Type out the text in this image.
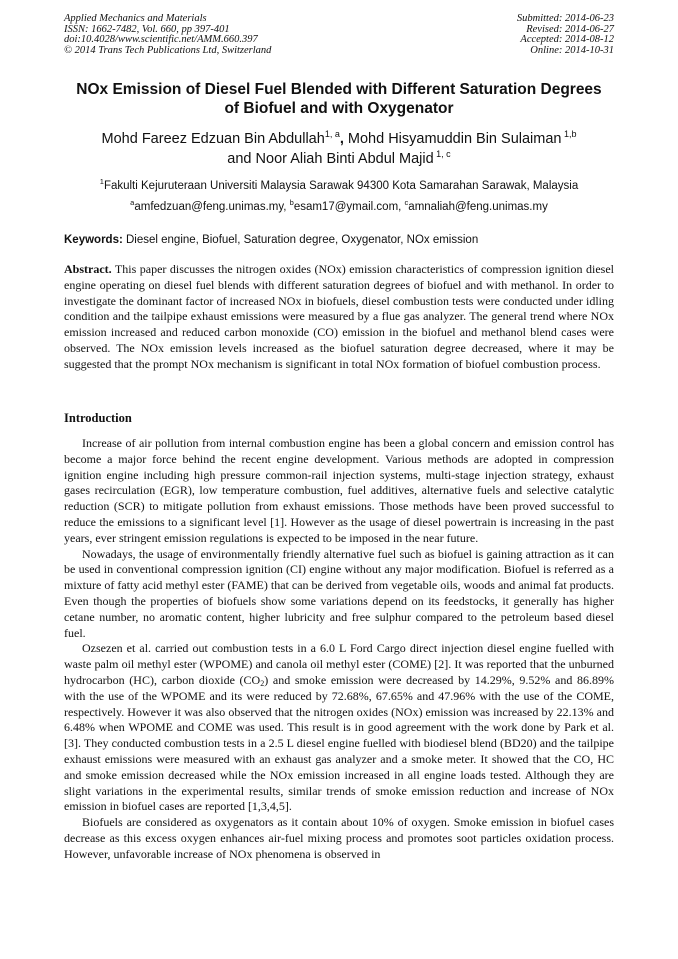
Applied Mechanics and Materials
ISSN: 1662-7482, Vol. 660, pp 397-401
doi:10.4028/www.scientific.net/AMM.660.397
© 2014 Trans Tech Publications Ltd, Switzerland
Submitted: 2014-06-23
Revised: 2014-06-27
Accepted: 2014-08-12
Online: 2014-10-31
NOx Emission of Diesel Fuel Blended with Different Saturation Degrees
of Biofuel and with Oxygenator
Mohd Fareez Edzuan Bin Abdullah$^{1, a}$, Mohd Hisyamuddin Bin Sulaiman $^{1,b}$
and Noor Aliah Binti Abdul Majid $^{1, c}$
$^1$Fakulti Kejuruteraan Universiti Malaysia Sarawak 94300 Kota Samarahan Sarawak, Malaysia
$^a$amfedzuan@feng.unimas.my, $^b$esam17@ymail.com, $^c$amnaliah@feng.unimas.my
Keywords: Diesel engine, Biofuel, Saturation degree, Oxygenator, NOx emission
Abstract. This paper discusses the nitrogen oxides (NOx) emission characteristics of compression ignition diesel engine operating on diesel fuel blends with different saturation degrees of biofuel and with methanol. In order to investigate the dominant factor of increased NOx in biofuels, diesel combustion tests were conducted under idling condition and the tailpipe exhaust emissions were measured by a flue gas analyzer. The general trend where NOx emission increased and reduced carbon monoxide (CO) emission in the biofuel and methanol blend cases were observed. The NOx emission levels increased as the biofuel saturation degree decreased, where it may be suggested that the prompt NOx mechanism is significant in total NOx formation of biofuel combustion process.
Introduction

Increase of air pollution from internal combustion engine has been a global concern and emission control has become a major force behind the recent engine development. Various methods are adopted in compression ignition engine including high pressure common-rail injection systems, multi-stage injection strategy, exhaust gases recirculation (EGR), low temperature combustion, fuel additives, alternative fuels and selective catalytic reduction (SCR) to mitigate pollution from exhaust emissions. Those methods have been proved successful to reduce the emissions to a significant level [1]. However as the usage of diesel powertrain is increasing in the past years, ever stringent emission regulations is expected to be imposed in the near future.

Nowadays, the usage of environmentally friendly alternative fuel such as biofuel is gaining attraction as it can be used in conventional compression ignition (CI) engine without any major modification. Biofuel is referred as a mixture of fatty acid methyl ester (FAME) that can be derived from vegetable oils, woods and animal fat products. Even though the properties of biofuels show some variations depend on its feedstocks, it generally has higher cetane number, no aromatic content, higher lubricity and free sulphur compared to the petroleum based diesel fuel.

Ozsezen et al. carried out combustion tests in a 6.0 L Ford Cargo direct injection diesel engine fuelled with waste palm oil methyl ester (WPOME) and canola oil methyl ester (COME) [2]. It was reported that the unburned hydrocarbon (HC), carbon dioxide $(CO_2)$ and smoke emission were decreased by 14.29%, 9.52% and 86.89% with the use of the WPOME and its were reduced by 72.68%, 67.65% and 47.96% with the use of the COME, respectively. However it was also observed that the nitrogen oxides (NOx) emission was increased by 22.13% and 6.48% when WPOME and COME was used. This result is in good agreement with the work done by Park et al. [3]. They conducted combustion tests in a 2.5 L diesel engine fuelled with biodiesel blend (BD20) and the tailpipe exhaust emissions were measured with an exhaust gas analyzer and a smoke meter. It showed that the CO, HC and smoke emission decreased while the NOx emission increased in all engine loads tested. Although they are slight variations in the experimental results, similar trends of smoke emission reduction and increase of NOx emission in biofuel cases are reported [1,3,4,5].

Biofuels are considered as oxygenators as it contain about 10% of oxygen. Smoke emission in biofuel cases decrease as this excess oxygen enhances air-fuel mixing process and promotes soot particles oxidation process. However, unfavorable increase of NOx phenomena is observed in
